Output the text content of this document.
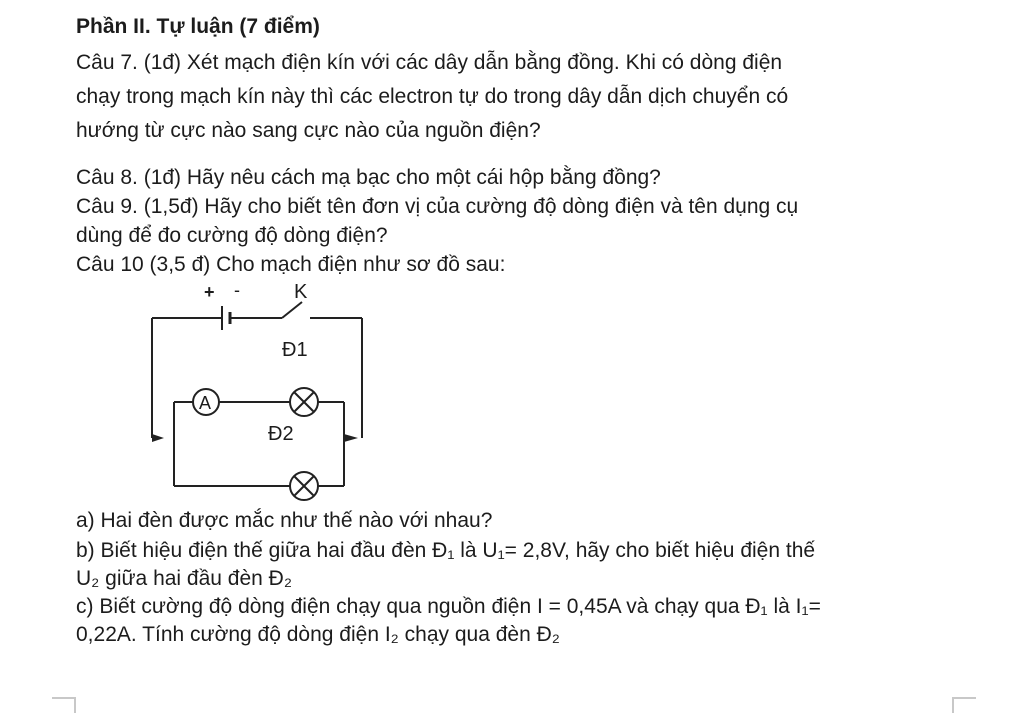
Phần II. Tự luận (7 điểm)
Câu 7. (1đ) Xét mạch điện kín với các dây dẫn bằng đồng. Khi có dòng điện
chạy trong mạch kín này thì các electron tự do trong dây dẫn dịch chuyển có
hướng từ cực nào sang cực nào của nguồn điện?
Câu 8. (1đ) Hãy nêu cách mạ bạc cho một cái hộp bằng đồng?
Câu 9. (1,5đ) Hãy cho biết tên đơn vị của cường độ dòng điện và tên dụng cụ
dùng để đo cường độ dòng điện?
Câu 10 (3,5 đ) Cho mạch điện như sơ đồ sau:
+ -	K
Đ1
A
Đ2
a) Hai đèn được mắc như thế nào với nhau?
b) Biết hiệu điện thế giữa hai đầu đèn Đ₁ là U₁= 2,8V, hãy cho biết hiệu điện thế
U₂ giữa hai đầu đèn Đ₂
c) Biết cường độ dòng điện chạy qua nguồn điện I = 0,45A và chạy qua Đ₁ là I₁=
0,22A. Tính cường độ dòng điện I₂ chạy qua đèn Đ₂
